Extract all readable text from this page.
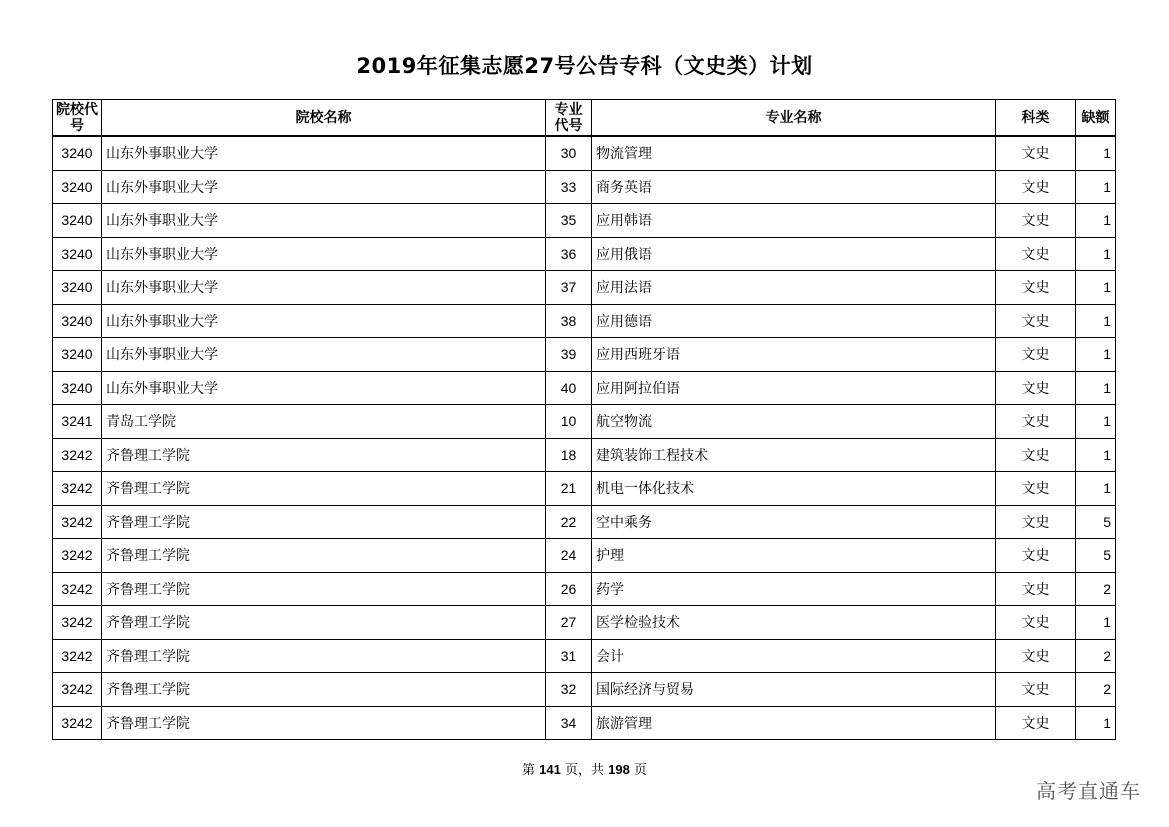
2019年征集志愿27号公告专科（文史类）计划
院校代号	院校名称	专业代号	专业名称	科类	缺额
3240	山东外事职业大学	30	物流管理	文史	1
3240	山东外事职业大学	33	商务英语	文史	1
3240	山东外事职业大学	35	应用韩语	文史	1
3240	山东外事职业大学	36	应用俄语	文史	1
3240	山东外事职业大学	37	应用法语	文史	1
3240	山东外事职业大学	38	应用德语	文史	1
3240	山东外事职业大学	39	应用西班牙语	文史	1
3240	山东外事职业大学	40	应用阿拉伯语	文史	1
3241	青岛工学院	10	航空物流	文史	1
3242	齐鲁理工学院	18	建筑装饰工程技术	文史	1
3242	齐鲁理工学院	21	机电一体化技术	文史	1
3242	齐鲁理工学院	22	空中乘务	文史	5
3242	齐鲁理工学院	24	护理	文史	5
3242	齐鲁理工学院	26	药学	文史	2
3242	齐鲁理工学院	27	医学检验技术	文史	1
3242	齐鲁理工学院	31	会计	文史	2
3242	齐鲁理工学院	32	国际经济与贸易	文史	2
3242	齐鲁理工学院	34	旅游管理	文史	1
第 141 页，共 198 页
高考直通车
